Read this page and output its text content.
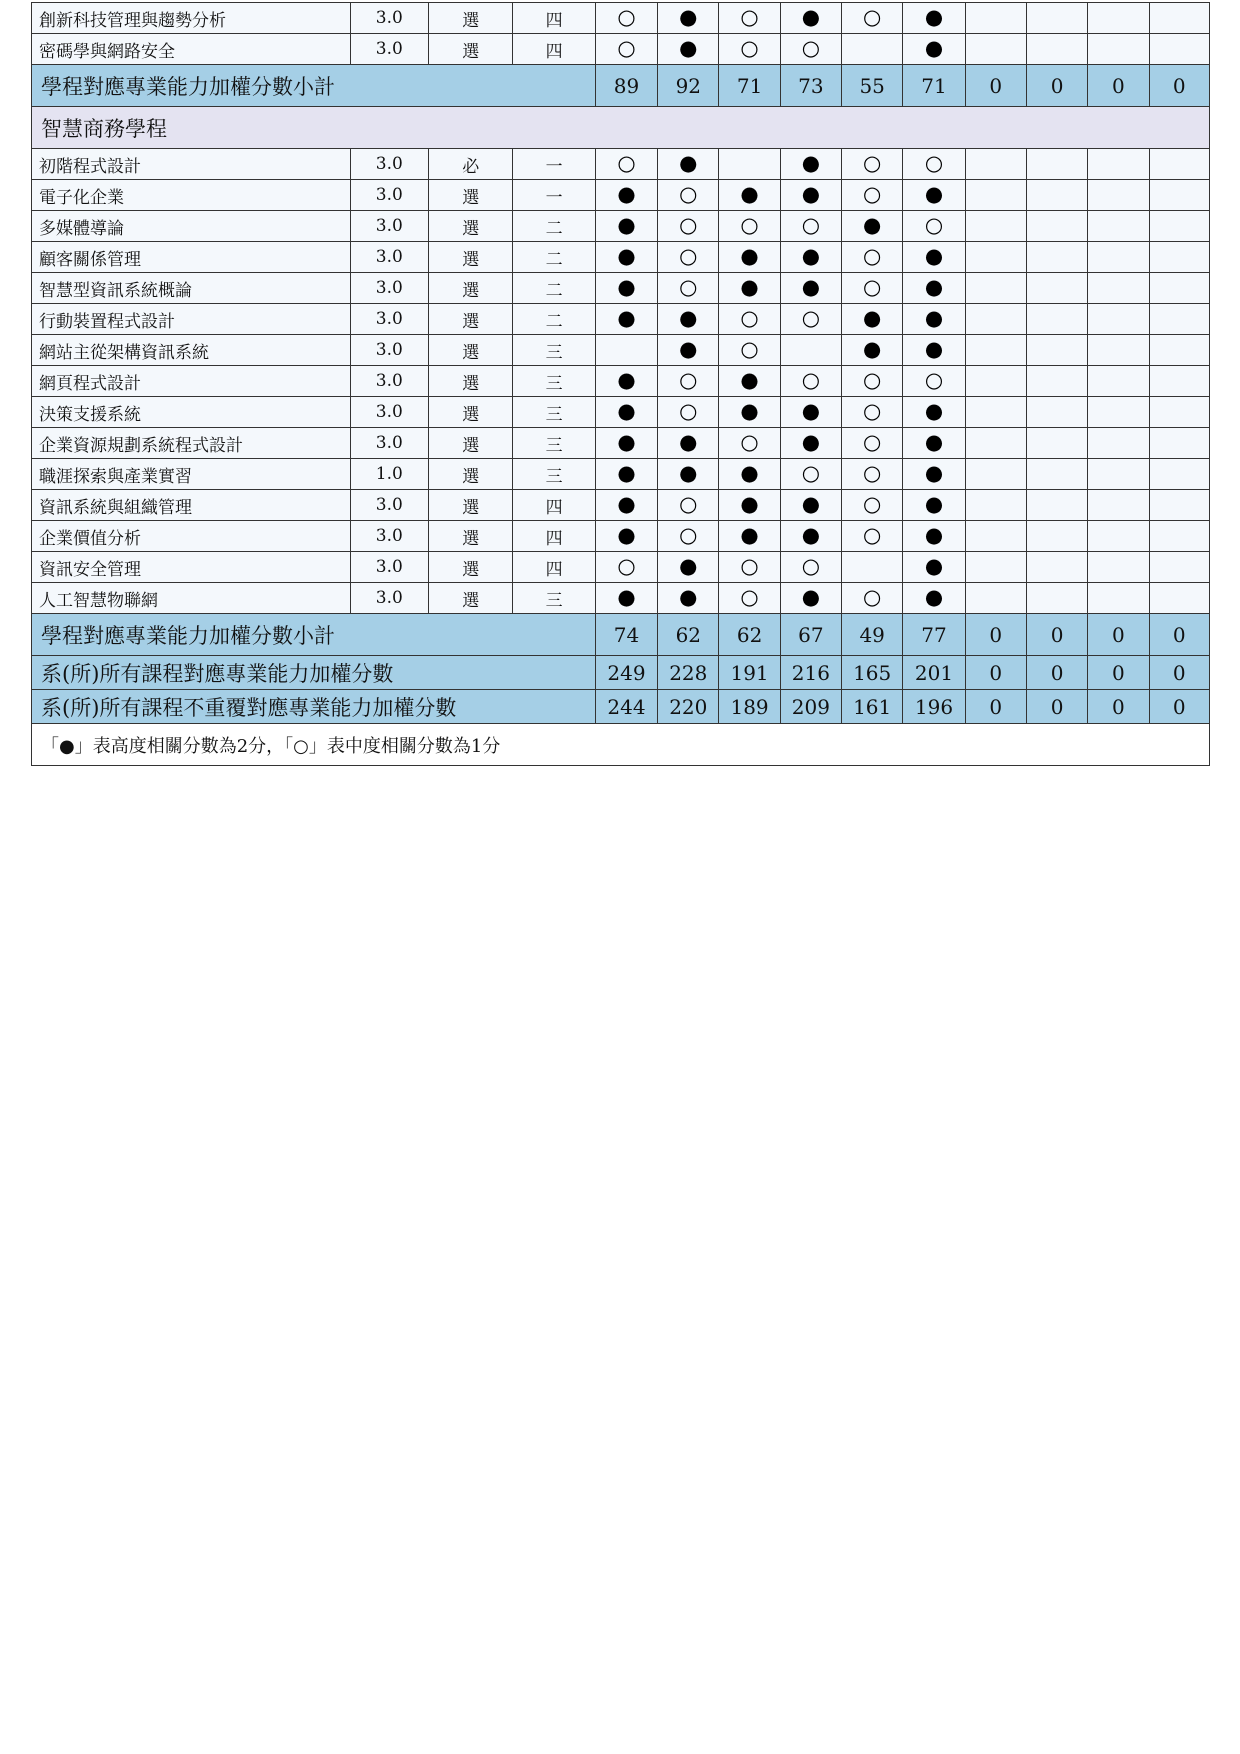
創新科技管理與趨勢分析	3.0	選	四	○	●	○	●	○	●				
密碼學與網路安全	3.0	選	四	○	●	○	○		●				
學程對應專業能力加權分數小計				89	92	71	73	55	71	0	0	0	0
智慧商務學程													
初階程式設計	3.0	必	一	○	●		●	○	○				
電子化企業	3.0	選	一	●	○	●	●	○	●				
多媒體導論	3.0	選	二	●	○	○	○	●	○				
顧客關係管理	3.0	選	二	●	○	●	●	○	●				
智慧型資訊系統概論	3.0	選	二	●	○	●	●	○	●				
行動裝置程式設計	3.0	選	二	●	●	○	○	●	●				
網站主從架構資訊系統	3.0	選	三		●	○		●	●				
網頁程式設計	3.0	選	三	●	○	●	○	○	○				
決策支援系統	3.0	選	三	●	○	●	●	○	●				
企業資源規劃系統程式設計	3.0	選	三	●	●	○	●	○	●				
職涯探索與產業實習	1.0	選	三	●	●	●	○	○	●				
資訊系統與組織管理	3.0	選	四	●	○	●	●	○	●				
企業價值分析	3.0	選	四	●	○	●	●	○	●				
資訊安全管理	3.0	選	四	○	●	○	○		●				
人工智慧物聯網	3.0	選	三	●	●	○	●	○	●				
學程對應專業能力加權分數小計				74	62	62	67	49	77	0	0	0	0
系(所)所有課程對應專業能力加權分數				249	228	191	216	165	201	0	0	0	0
系(所)所有課程不重覆對應專業能力加權分數				244	220	189	209	161	196	0	0	0	0
「●」表高度相關分數為2分，「○」表中度相關分數為1分													
